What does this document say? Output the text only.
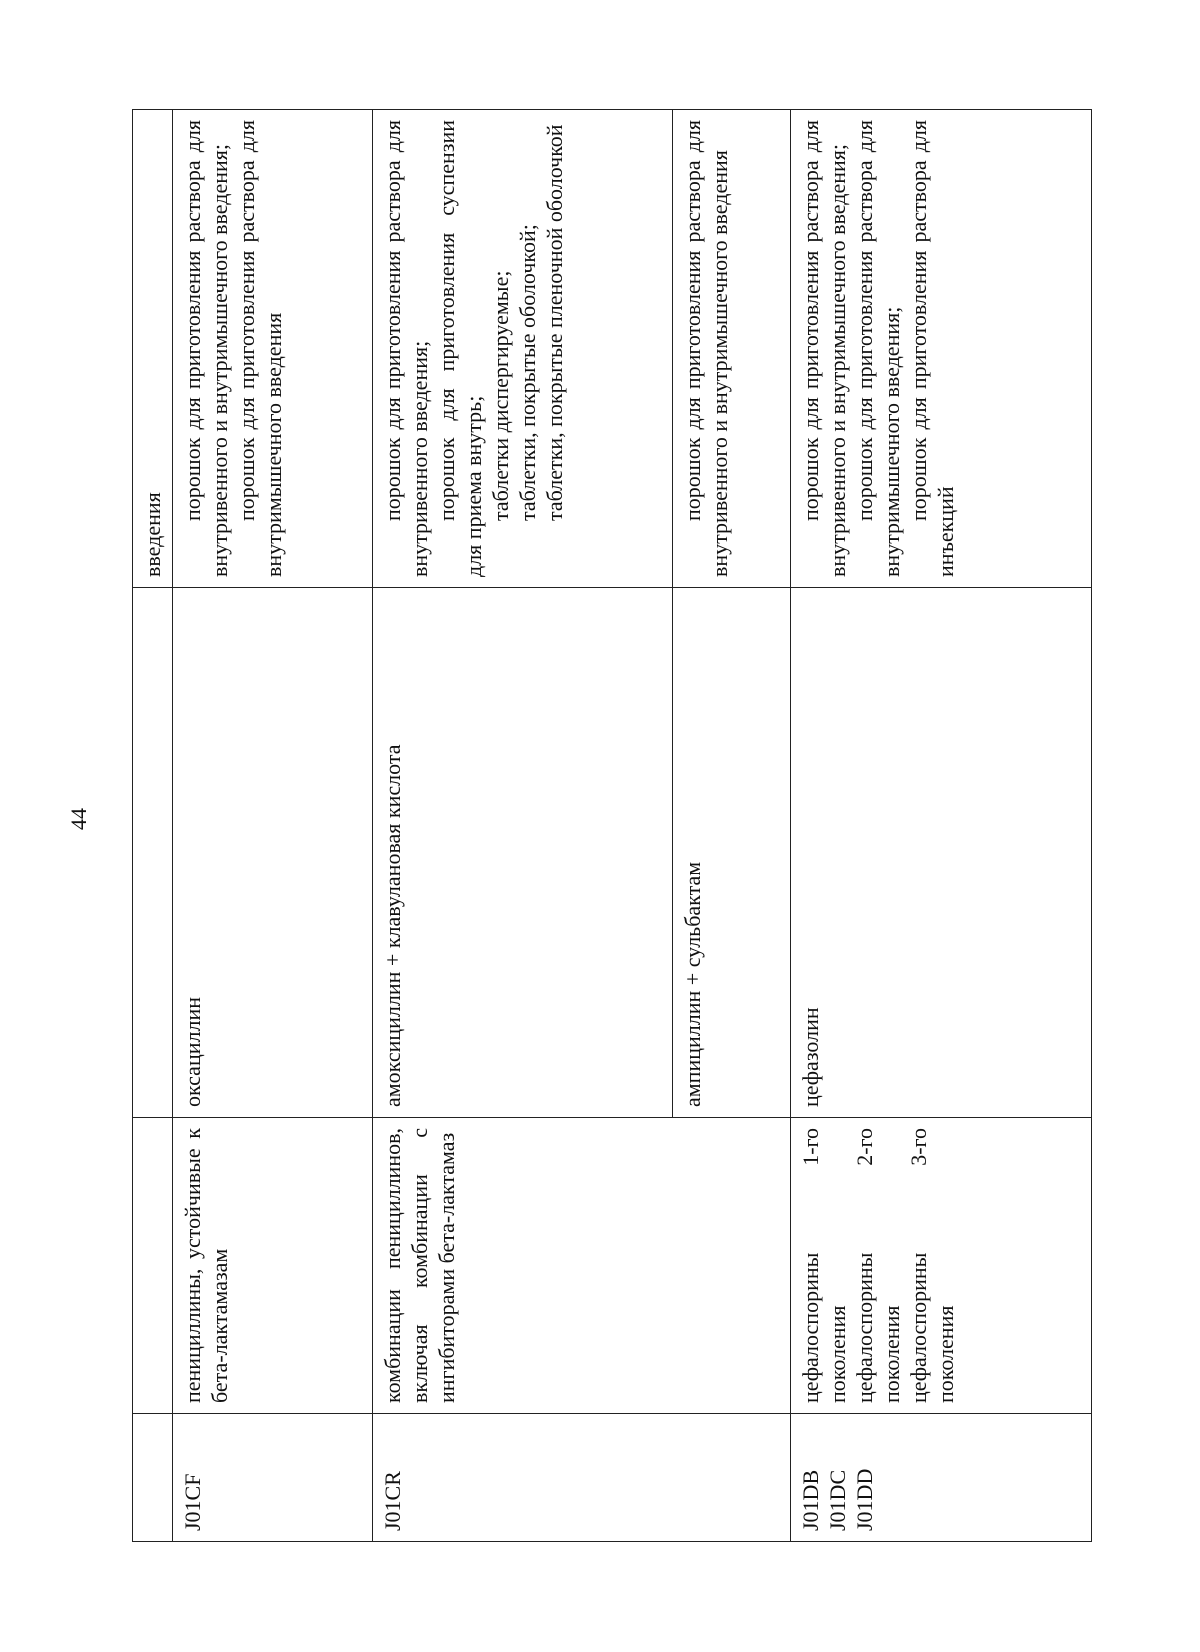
44
			введения

J01CF	пенициллины, устойчивые к бета-лактамазам	оксациллин	порошок для приготовления раствора для внутривенного и внутримышечного введения; порошок для приготовления раствора для внутримышечного введения

J01CR	комбинации пенициллинов, включая комбинации с ингибиторами бета-лактамаз	амоксициллин + клавулановая кислота	порошок для приготовления раствора для внутривенного введения; порошок для приготовления суспензии для приема внутрь; таблетки диспергируемые; таблетки, покрытые оболочкой; таблетки, покрытые пленочной оболочкой

		ампициллин + сульбактам	порошок для приготовления раствора для внутривенного и внутримышечного введения

J01DB J01DC J01DD	цефалоспорины 1-го поколения цефалоспорины 2-го поколения цефалоспорины 3-го поколения	цефазолин	порошок для приготовления раствора для внутривенного и внутримышечного введения; порошок для приготовления раствора для внутримышечного введения; порошок для приготовления раствора для инъекций
